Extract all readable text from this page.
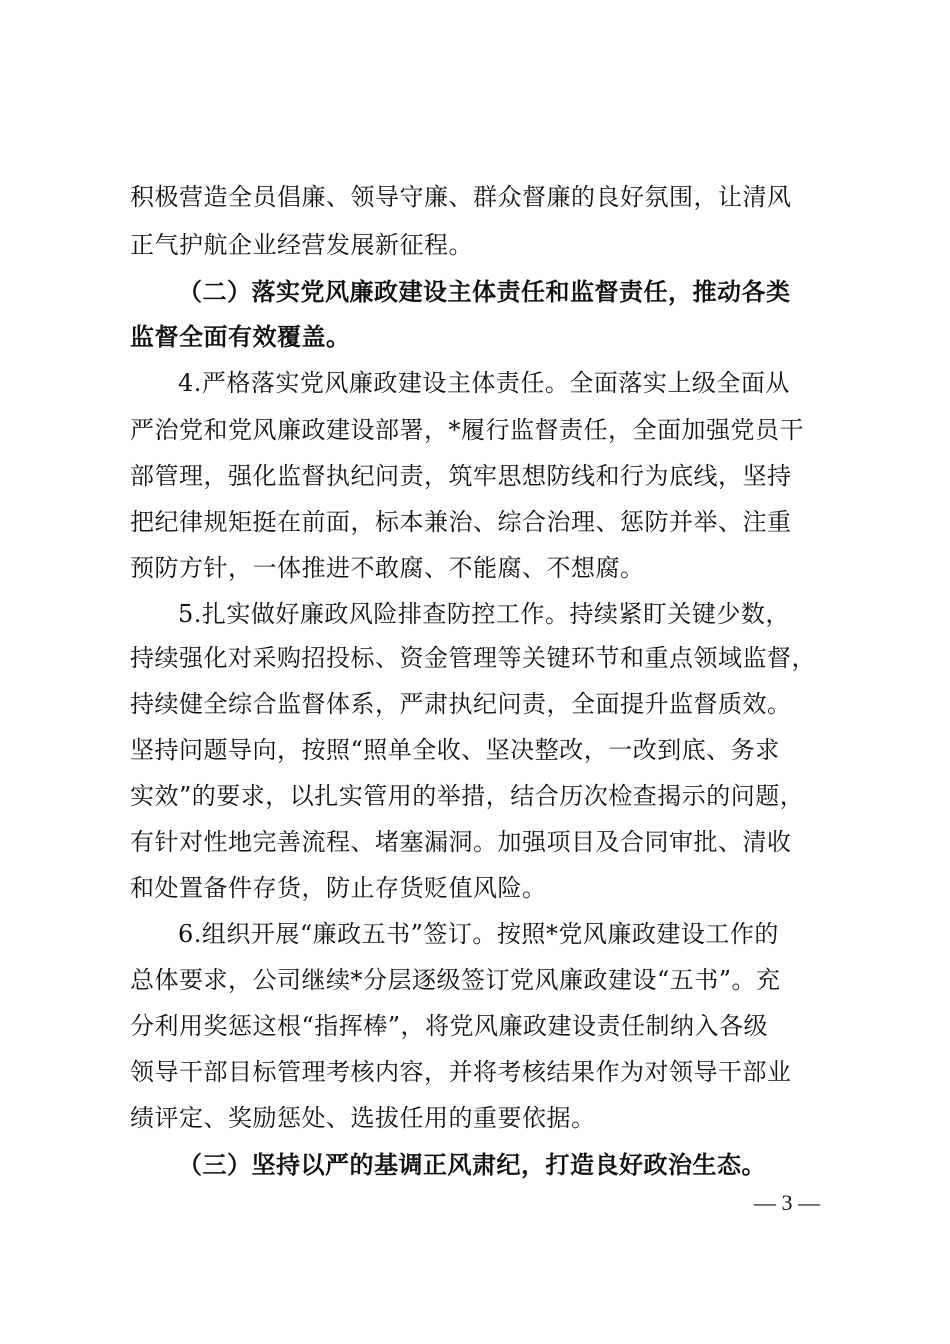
积极营造全员倡廉、领导守廉、群众督廉的良好氛围，让清风
正气护航企业经营发展新征程。
（二）落实党风廉政建设主体责任和监督责任，推动各类
监督全面有效覆盖。
4.严格落实党风廉政建设主体责任。全面落实上级全面从
严治党和党风廉政建设部署，*履行监督责任，全面加强党员干
部管理，强化监督执纪问责，筑牢思想防线和行为底线，坚持
把纪律规矩挺在前面，标本兼治、综合治理、惩防并举、注重
预防方针，一体推进不敢腐、不能腐、不想腐。
5.扎实做好廉政风险排查防控工作。持续紧盯关键少数，
持续强化对采购招投标、资金管理等关键环节和重点领域监督，
持续健全综合监督体系，严肃执纪问责，全面提升监督质效。
坚持问题导向，按照“照单全收、坚决整改，一改到底、务求
实效”的要求，以扎实管用的举措，结合历次检查揭示的问题，
有针对性地完善流程、堵塞漏洞。加强项目及合同审批、清收
和处置备件存货，防止存货贬值风险。
6.组织开展“廉政五书”签订。按照*党风廉政建设工作的
总体要求，公司继续*分层逐级签订党风廉政建设“五书”。充
分利用奖惩这根“指挥棒”，将党风廉政建设责任制纳入各级
领导干部目标管理考核内容，并将考核结果作为对领导干部业
绩评定、奖励惩处、选拔任用的重要依据。
（三）坚持以严的基调正风肃纪，打造良好政治生态。
— 3 —
